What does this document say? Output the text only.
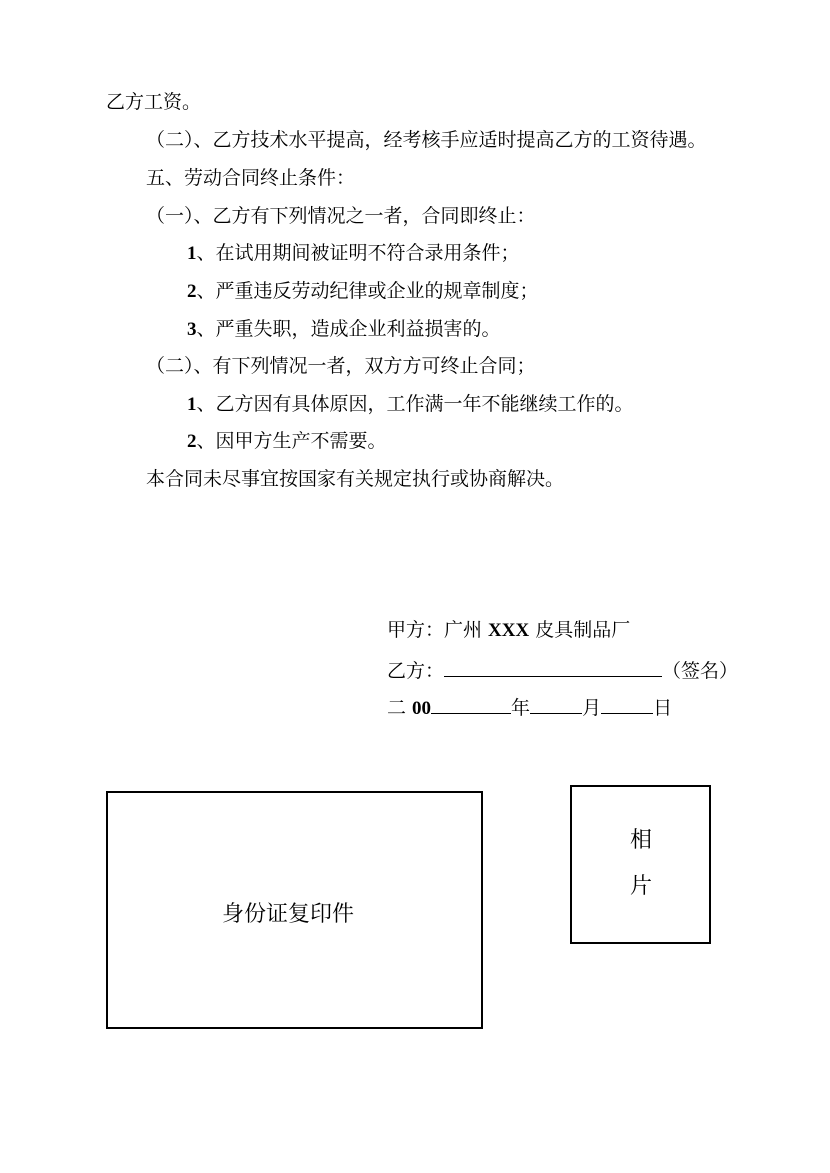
乙方工资。
（二）、乙方技术水平提高，经考核手应适时提高乙方的工资待遇。
五、劳动合同终止条件：
（一）、乙方有下列情况之一者，合同即终止：
1、在试用期间被证明不符合录用条件；
2、严重违反劳动纪律或企业的规章制度；
3、严重失职，造成企业利益损害的。
（二）、有下列情况一者，双方方可终止合同；
1、乙方因有具体原因，工作满一年不能继续工作的。
2、因甲方生产不需要。
本合同未尽事宜按国家有关规定执行或协商解决。
甲方：广州 XXX 皮具制品厂
乙方：	（签名）
二 00	年	月	日
身份证复印件
相
片
